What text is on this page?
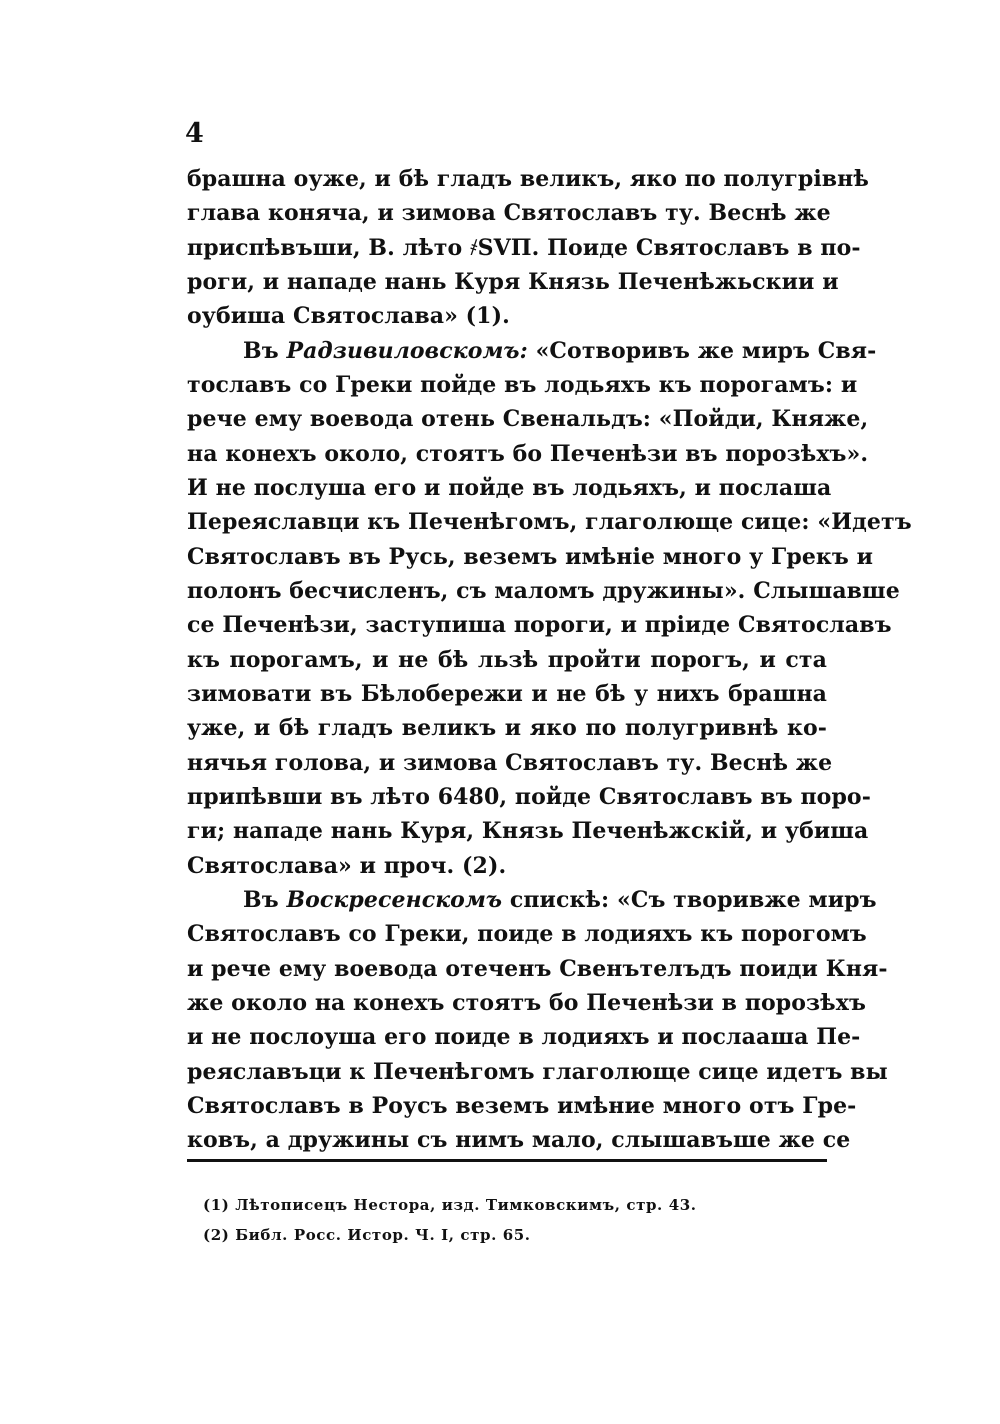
4
брашна оуже, и бѣ гладъ великъ, яко по полугрівнѣ
глава коняча, и зимова Святославъ ту. Веснѣ же
приспѣвъши, В. лѣто ҂SVП. Поиде Святославъ в по-
роги, и нападе нань Куря Князь Печенѣжьскии и
оубиша Святослава» (1).
Въ Радзивиловскомъ: «Сотворивъ же миръ Свя-
тославъ со Греки пойде въ лодьяхъ къ порогамъ: и
рече ему воевода отень Свенальдъ: «Пойди, Княже,
на конехъ около, стоятъ бо Печенѣзи въ порозѣхъ».
И не послуша его и пойде въ лодьяхъ, и послаша
Переяславци къ Печенѣгомъ, глаголюще сице: «Идетъ
Святославъ въ Русь, веземъ имѣніе много у Грекъ и
полонъ бесчисленъ, съ маломъ дружины». Слышавше
се Печенѣзи, заступиша пороги, и пріиде Святославъ
къ порогамъ, и не бѣ льзѣ пройти порогъ, и ста
зимовати въ Бѣлобережи и не бѣ у нихъ брашна
уже, и бѣ гладъ великъ и яко по полугривнѣ ко-
нячья голова, и зимова Святославъ ту. Веснѣ же
припѣвши въ лѣто 6480, пойде Святославъ въ поро-
ги; нападе нань Куря, Князь Печенѣжскій, и убиша
Святослава» и проч. (2).
Въ Воскресенскомъ спискѣ: «Съ творивже миръ
Святославъ со Греки, поиде в лодияхъ къ порогомъ
и рече ему воевода отеченъ Свенътелъдъ поиди Кня-
же около на конехъ стоятъ бо Печенѣзи в порозѣхъ
и не послоуша его поиде в лодияхъ и послааша Пе-
реяславъци к Печенѣгомъ глаголюще сице идетъ вы
Святославъ в Роусъ веземъ имѣние много отъ Гре-
ковъ, а дружины съ нимъ мало, слышавъше же се
(1) Лѣтописецъ Нестора, изд. Тимковскимъ, стр. 43.
(2) Библ. Росс. Истор. Ч. I, стр. 65.
